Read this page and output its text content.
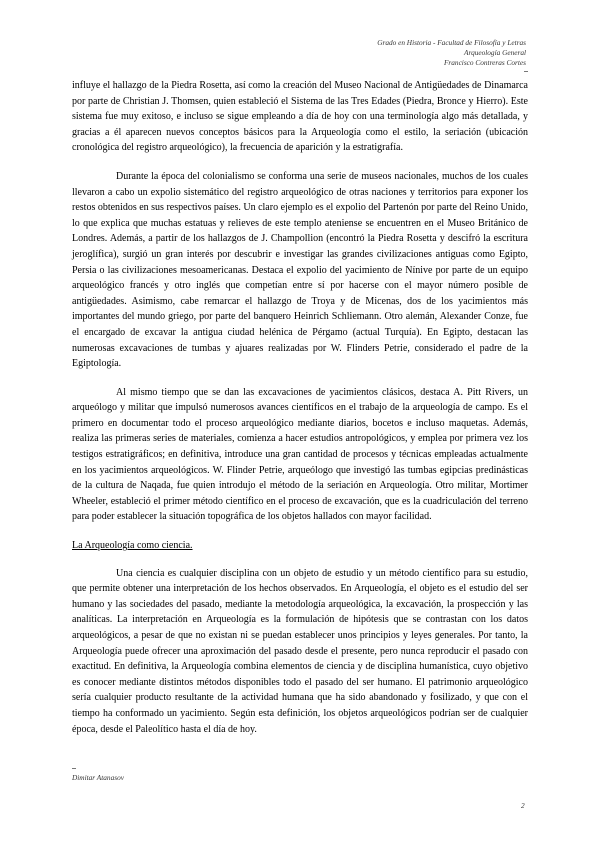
Grado en Historia - Facultad de Filosofía y Letras
Arqueología General
Francisco Contreras Cortes

influye el hallazgo de la Piedra Rosetta, así como la creación del Museo Nacional de Antigüedades de Dinamarca por parte de Christian J. Thomsen, quien estableció el Sistema de las Tres Edades (Piedra, Bronce y Hierro). Este sistema fue muy exitoso, e incluso se sigue empleando a día de hoy con una terminología algo más detallada, y gracias a él aparecen nuevos conceptos básicos para la Arqueología como el estilo, la seriación (ubicación cronológica del registro arqueológico), la frecuencia de aparición y la estratigrafía.

Durante la época del colonialismo se conforma una serie de museos nacionales, muchos de los cuales llevaron a cabo un expolio sistemático del registro arqueológico de otras naciones y territorios para exponer los restos obtenidos en sus respectivos países. Un claro ejemplo es el expolio del Partenón por parte del Reino Unido, lo que explica que muchas estatuas y relieves de este templo ateniense se encuentren en el Museo Británico de Londres. Además, a partir de los hallazgos de J. Champollion (encontró la Piedra Rosetta y descifró la escritura jeroglífica), surgió un gran interés por descubrir e investigar las grandes civilizaciones antiguas como Egipto, Persia o las civilizaciones mesoamericanas. Destaca el expolio del yacimiento de Nínive por parte de un equipo arqueológico francés y otro inglés que competían entre sí por hacerse con el mayor número posible de antigüedades. Asimismo, cabe remarcar el hallazgo de Troya y de Micenas, dos de los yacimientos más importantes del mundo griego, por parte del banquero Heinrich Schliemann. Otro alemán, Alexander Conze, fue el encargado de excavar la antigua ciudad helénica de Pérgamo (actual Turquía). En Egipto, destacan las numerosas excavaciones de tumbas y ajuares realizadas por W. Flinders Petrie, considerado el padre de la Egiptología.

Al mismo tiempo que se dan las excavaciones de yacimientos clásicos, destaca A. Pitt Rivers, un arqueólogo y militar que impulsó numerosos avances científicos en el trabajo de la arqueología de campo. Es el primero en documentar todo el proceso arqueológico mediante diarios, bocetos e incluso maquetas. Además, realiza las primeras series de materiales, comienza a hacer estudios antropológicos, y emplea por primera vez los testigos estratigráficos; en definitiva, introduce una gran cantidad de procesos y técnicas empleadas actualmente en los yacimientos arqueológicos. W. Flinder Petrie, arqueólogo que investigó las tumbas egipcias predinásticas de la cultura de Naqada, fue quien introdujo el método de la seriación en Arqueología. Otro militar, Mortimer Wheeler, estableció el primer método científico en el proceso de excavación, que es la cuadriculación del terreno para poder establecer la situación topográfica de los objetos hallados con mayor facilidad.

La Arqueología como ciencia.

Una ciencia es cualquier disciplina con un objeto de estudio y un método científico para su estudio, que permite obtener una interpretación de los hechos observados. En Arqueología, el objeto es el estudio del ser humano y las sociedades del pasado, mediante la metodología arqueológica, la excavación, la prospección y las analíticas. La interpretación en Arqueología es la formulación de hipótesis que se contrastan con los datos arqueológicos, a pesar de que no existan ni se puedan establecer unos principios y leyes generales. Por tanto, la Arqueología puede ofrecer una aproximación del pasado desde el presente, pero nunca reproducir el pasado con exactitud. En definitiva, la Arqueología combina elementos de ciencia y de disciplina humanística, cuyo objetivo es conocer mediante distintos métodos disponibles todo el pasado del ser humano. El patrimonio arqueológico sería cualquier producto resultante de la actividad humana que ha sido abandonado y fosilizado, y que con el tiempo ha conformado un yacimiento. Según esta definición, los objetos arqueológicos podrían ser de cualquier época, desde el Paleolítico hasta el día de hoy.

Dimitar Atanasov
2
